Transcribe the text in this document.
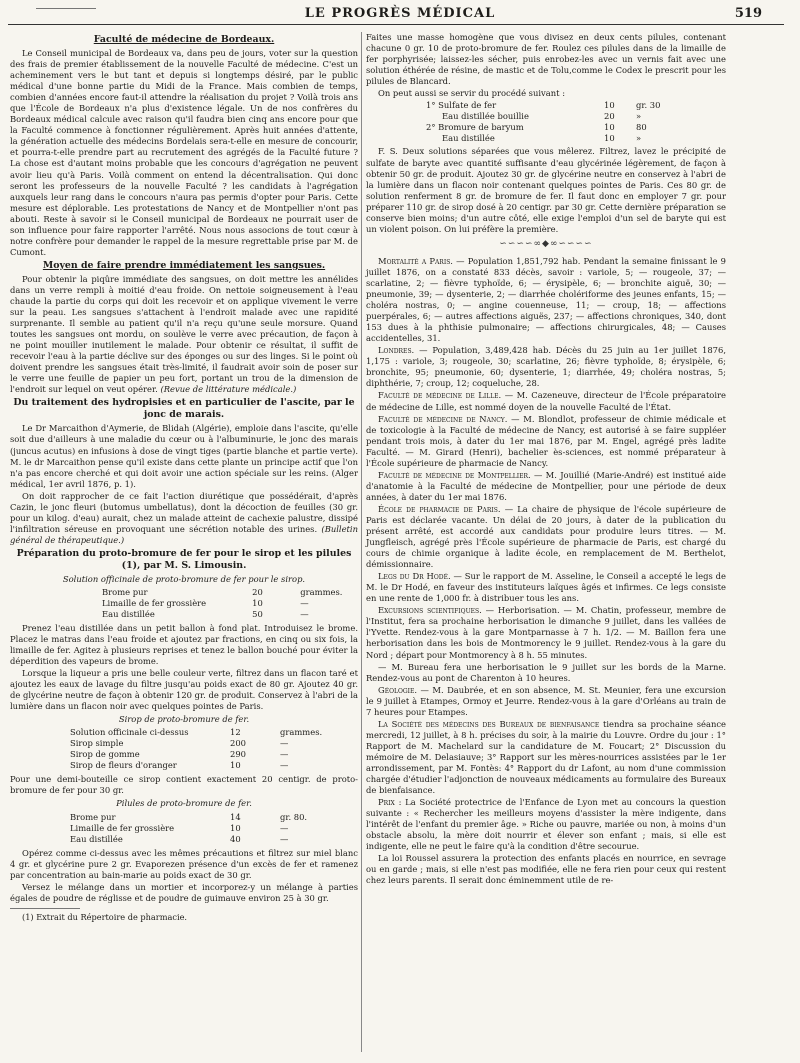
LE PROGRÈS MÉDICAL	519
Faculté de médecine de Bordeaux.

Le Conseil municipal de Bordeaux va, dans peu de jours, voter sur la question des frais de premier établissement de la nouvelle Faculté de médecine. C'est un acheminement vers le but tant et depuis si longtemps désiré, par le public médical d'une bonne partie du Midi de la France. Mais combien de temps, combien d'années encore faut-il attendre la réalisation du projet ? Voilà trois ans que l'École de Bordeaux n'a plus d'existence légale. Un de nos confrères du Bordeaux médical calcule avec raison qu'il faudra bien cinq ans encore pour que la Faculté commence à fonctionner régulièrement. Après huit années d'attente, la génération actuelle des médecins Bordelais sera-t-elle en mesure de concourir, et pourra-t-elle prendre part au recrutement des agrégés de la Faculté future ? La chose est d'autant moins probable que les concours d'agrégation ne peuvent avoir lieu qu'à Paris. Voilà comment on entend la décentralisation. Qui donc seront les professeurs de la nouvelle Faculté ? les candidats à l'agrégation auxquels leur rang dans le concours n'aura pas permis d'opter pour Paris. Cette mesure est déplorable. Les protestations de Nancy et de Montpellier n'ont pas abouti. Reste à savoir si le Conseil municipal de Bordeaux ne pourrait user de son influence pour faire rapporter l'arrêté. Nous nous associons de tout cœur à notre confrère pour demander le rappel de la mesure regrettable prise par M. de Cumont.

Moyen de faire prendre immédiatement les sangsues.

Pour obtenir la piqûre immédiate des sangsues, on doit mettre les annélides dans un verre rempli à moitié d'eau froide. On nettoie soigneusement à l'eau chaude la partie du corps qui doit les recevoir et on applique vivement le verre sur la peau. Les sangsues s'attachent à l'endroit malade avec une rapidité surprenante. Il semble au patient qu'il n'a reçu qu'une seule morsure. Quand toutes les sangsues ont mordu, on soulève le verre avec précaution, de façon à ne point mouiller inutilement le malade. Pour obtenir ce résultat, il suffit de recevoir l'eau à la partie déclive sur des éponges ou sur des linges. Si le point où doivent prendre les sangsues était très-limité, il faudrait avoir soin de poser sur le verre une feuille de papier un peu fort, portant un trou de la dimension de l'endroit sur lequel on veut opérer. (Revue de littérature médicale.)

Du traitement des hydropisies et en particulier de l'ascite, par le jonc de marais.

Le Dr Marcaithon d'Aymerie, de Blidah (Algérie), emploie dans l'ascite, qu'elle soit due d'ailleurs à une maladie du cœur ou à l'albuminurie, le jonc des marais (juncus acutus) en infusions à dose de vingt tiges (partie blanche et partie verte). M. le dr Marcaithon pense qu'il existe dans cette plante un principe actif que l'on n'a pas encore cherché et qui doit avoir une action spéciale sur les reins. (Alger médical, 1er avril 1876, p. 1).

On doit rapprocher de ce fait l'action diurétique que possédérait, d'après Cazin, le jonc fleuri (butomus umbellatus), dont la décoction de feuilles (30 gr. pour un kilog. d'eau) aurait, chez un malade atteint de cachexie palustre, dissipé l'infiltration séreuse en provoquant une sécrétion notable des urines. (Bulletin général de thérapeutique.)

Préparation du proto-bromure de fer pour le sirop et les pilules (1), par M. S. Limousin.
Solution officinale de proto-bromure de fer pour le sirop.
Brome pur	20	grammes.
Limaille de fer grossière	10	—
Eau distillée	50	—

Prenez l'eau distillée dans un petit ballon à fond plat. Introduisez le brome. Placez le matras dans l'eau froide et ajoutez par fractions, en cinq ou six fois, la limaille de fer. Agitez à plusieurs reprises et tenez le ballon bouché pour éviter la déperdition des vapeurs de brome.

Lorsque la liqueur a pris une belle couleur verte, filtrez dans un flacon taré et ajoutez les eaux de lavage du filtre jusqu'au poids exact de 80 gr. Ajoutez 40 gr. de glycérine neutre de façon à obtenir 120 gr. de produit. Conservez à l'abri de la lumière dans un flacon noir avec quelques pointes de Paris.

Sirop de proto-bromure de fer.
Solution officinale ci-dessus	12	grammes.
Sirop simple	200	—
Sirop de gomme	290	—
Sirop de fleurs d'oranger	10	—

Pour une demi-bouteille ce sirop contient exactement 20 centigr. de proto-bromure de fer pour 30 gr.

Pilules de proto-bromure de fer.
Brome pur	14	gr. 80.
Limaille de fer grossière	10	—
Eau distillée	40	—

Opérez comme ci-dessus avec les mêmes précautions et filtrez sur miel blanc 4 gr. et glycérine pure 2 gr. Evaporezen présence d'un excès de fer et ramenez par concentration au bain-marie au poids exact de 30 gr.

Versez le mélange dans un mortier et incorporez-y un mélange à parties égales de poudre de réglisse et de poudre de guimauve environ 25 à 30 gr.

(1) Extrait du Répertoire de pharmacie.

Faites une masse homogène que vous divisez en deux cents pilules, contenant chacune 0 gr. 10 de proto-bromure de fer. Roulez ces pilules dans de la limaille de fer porphyrisée; laissez-les sécher, puis enrobez-les avec un vernis fait avec une solution éthérée de résine, de mastic et de Tolu,comme le Codex le prescrit pour les pilules de Blancard.

On peut aussi se servir du procédé suivant :

1° Sulfate de fer	10	gr. 30
Eau distillée bouillie	20	»
2° Bromure de baryum	10	80
Eau distillée	10	»

F. S. Deux solutions séparées que vous mêlerez. Filtrez, lavez le précipité de sulfate de baryte avec quantité suffisante d'eau glycérinée légèrement, de façon à obtenir 50 gr. de produit. Ajoutez 30 gr. de glycérine neutre en conservez à l'abri de la lumière dans un flacon noir contenant quelques pointes de Paris. Ces 80 gr. de solution renferment 8 gr. de bromure de fer. Il faut donc en employer 7 gr. pour préparer 110 gr. de sirop dosé à 20 centigr. par 30 gr. Cette dernière préparation se conserve bien moins; d'un autre côté, elle exige l'emploi d'un sel de baryte qui est un violent poison. On lui préfère la première.

∽∽∽∽∞◆∞∽∽∽∽

Mortalité a Paris. — Population 1,851,792 hab. Pendant la semaine finissant le 9 juillet 1876, on a constaté 833 décès, savoir : variole, 5; — rougeole, 37; — scarlatine, 2; — fièvre typhoïde, 6; — érysipèle, 6; — bronchite aiguë, 30; — pneumonie, 39; — dysenterie, 2; — diarrhée cholériforme des jeunes enfants, 15; — choléra nostras, 0; — angine couenneuse, 11; — croup, 18; — affections puerpérales, 6; — autres affections aiguës, 237; — affections chroniques, 340, dont 153 dues à la phthisie pulmonaire; — affections chirurgicales, 48; — Causes accidentelles, 31.

Londres. — Population, 3,489,428 hab. Décès du 25 juin au 1er juillet 1876, 1,175 : variole, 3; rougeole, 30; scarlatine, 26; fièvre typhoïde, 8; érysipèle, 6; bronchite, 95; pneumonie, 60; dysenterie, 1; diarrhée, 49; choléra nostras, 5; diphthérie, 7; croup, 12; coqueluche, 28.

Faculté de médecine de Lille. — M. Cazeneuve, directeur de l'École préparatoire de médecine de Lille, est nommé doyen de la nouvelle Faculté de l'État.

Faculté de médecine de Nancy. — M. Blondlot, professeur de chimie médicale et de toxicologie à la Faculté de médecine de Nancy, est autorisé à se faire suppléer pendant trois mois, à dater du 1er mai 1876, par M. Engel, agrégé près ladite Faculté. — M. Girard (Henri), bachelier ès-sciences, est nommé préparateur à l'École supérieure de pharmacie de Nancy.

Faculté de médecine de Montpellier. — M. Jouillié (Marie-André) est institué aide d'anatomie à la Faculté de médecine de Montpellier, pour une période de deux années, à dater du 1er mai 1876.

École de pharmacie de Paris. — La chaire de physique de l'école supérieure de Paris est déclarée vacante. Un délai de 20 jours, à dater de la publication du présent arrêté, est accordé aux candidats pour produire leurs titres. — M. Jungfleisch, agrégé près l'École supérieure de pharmacie de Paris, est chargé du cours de chimie organique à ladite école, en remplacement de M. Berthelot, démissionnaire.

Legs du Dr Hodé. — Sur le rapport de M. Asseline, le Conseil a accepté le legs de M. le Dr Hodé, en faveur des instituteurs laïques âgés et infirmes. Ce legs consiste en une rente de 1,000 fr. à distribuer tous les ans.

Excursions scientifiques. — Herborisation. — M. Chatin, professeur, membre de l'Institut, fera sa prochaine herborisation le dimanche 9 juillet, dans les vallées de l'Yvette. Rendez-vous à la gare Montparnasse à 7 h. 1/2. — M. Baillon fera une herborisation dans les bois de Montmorency le 9 juillet. Rendez-vous à la gare du Nord ; départ pour Montmorency à 8 h. 55 minutes.

— M. Bureau fera une herborisation le 9 juillet sur les bords de la Marne. Rendez-vous au pont de Charenton à 10 heures.

Géologie. — M. Daubrée, et en son absence, M. St. Meunier, fera une excursion le 9 juillet à Etampes, Ormoy et Jeurre. Rendez-vous à la gare d'Orléans au train de 7 heures pour Etampes.

La Société des médecins des Bureaux de bienfaisance tiendra sa prochaine séance mercredi, 12 juillet, à 8 h. précises du soir, à la mairie du Louvre. Ordre du jour : 1° Rapport de M. Machelard sur la candidature de M. Foucart; 2° Discussion du mémoire de M. Delasiauve; 3° Rapport sur les mères-nourrices assistées par le 1er arrondissement, par M. Fontès: 4° Rapport du dr Lafont, au nom d'une commission chargée d'étudier l'adjonction de nouveaux médicaments au formulaire des Bureaux de bienfaisance.

Prix : La Société protectrice de l'Enfance de Lyon met au concours la question suivante : « Rechercher les meilleurs moyens d'assister la mère indigente, dans l'intérêt de l'enfant du premier âge. » Riche ou pauvre, mariée ou non, à moins d'un obstacle absolu, la mère doit nourrir et élever son enfant ; mais, si elle est indigente, elle ne peut le faire qu'à la condition d'être secourue.

La loi Roussel assurera la protection des enfants placés en nourrice, en sevrage ou en garde ; mais, si elle n'est pas modifiée, elle ne fera rien pour ceux qui restent chez leurs parents. Il serait donc éminemment utile de re-
